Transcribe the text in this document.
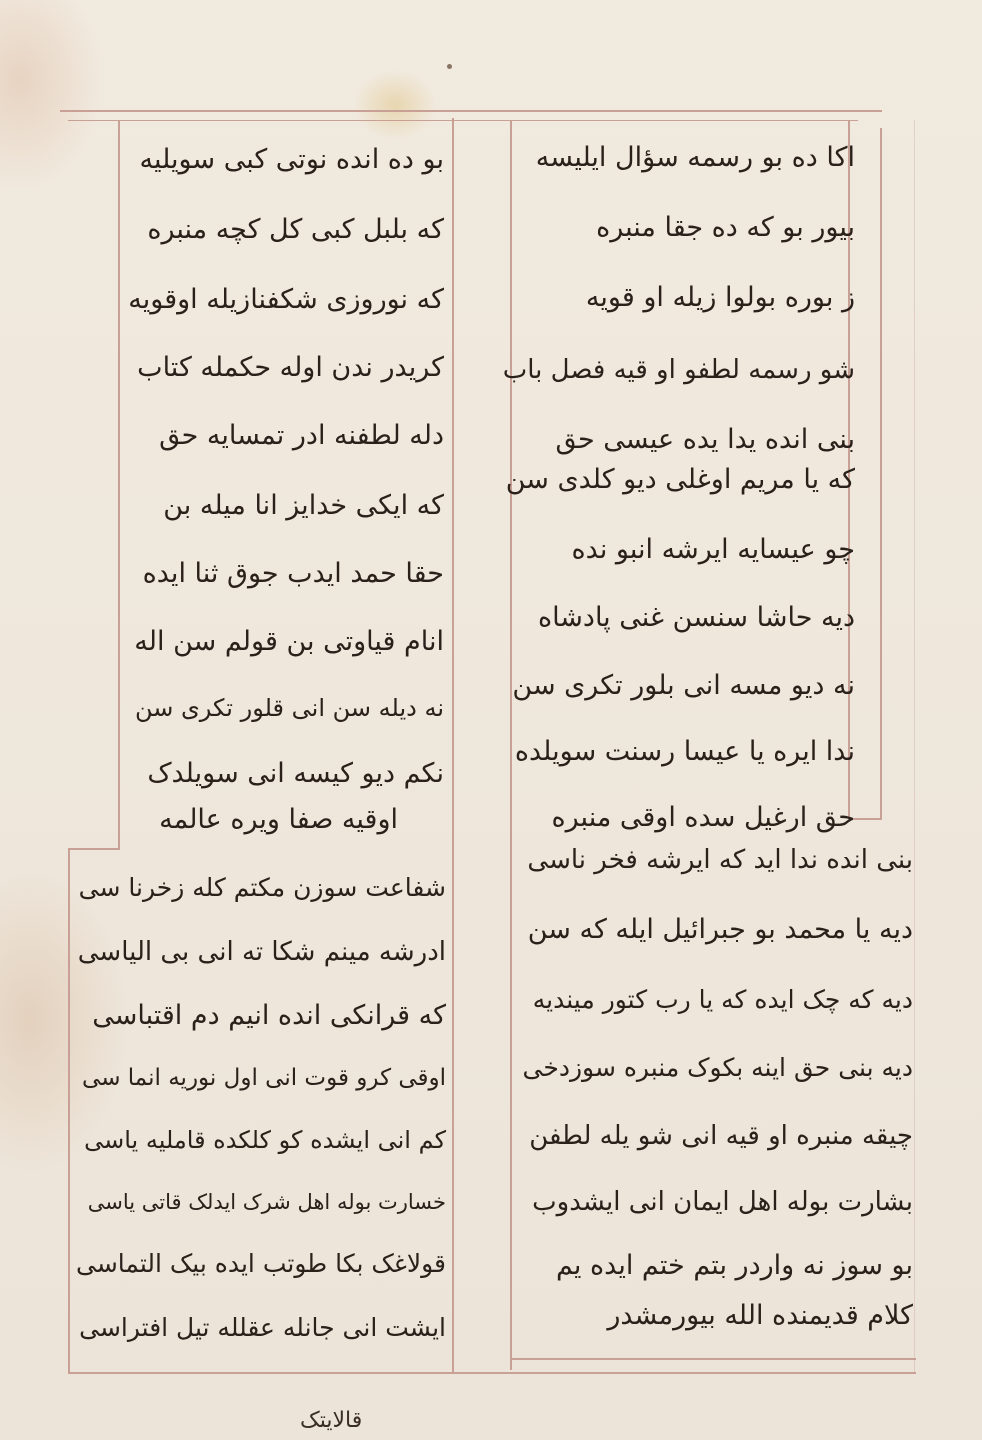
اکا ده بو رسمه سؤال ایلیسه
بیور بو که ده جقا منبره
ز بوره بولوا زیله او قویه
شو رسمه لطفو او قیه فصل باب
بنی انده یدا یده عیسی حق
که یا مریم اوغلی دیو کلدی سن
چو عیسایه ایرشه انبو نده
دیه حاشا سنسن غنی پادشاه
نه دیو مسه انی بلور تکری سن
ندا ایره یا عیسا رسنت سویلده
حق ارغیل سده اوقی منبره
بنی انده ندا اید که ایرشه فخر ناسی
دیه یا محمد بو جبرائیل ایله که سن
دیه که چک ایده که یا رب کتور میندیه
دیه بنی حق اینه بکوک منبره سوزدخی
چیقه منبره او قیه انی شو یله لطفن
بشارت بوله اهل ایمان انی ایشدوب
بو سوز نه واردر بتم ختم ایده یم
کلام قدیمنده الله بیورمشدر
بو ده انده نوتی کبی سویلیه
که بلبل کبی کل کچه منبره
که نوروزی شکفنازیله اوقویه
کریدر ندن اوله حکمله کتاب
دله لطفنه ادر تمسایه حق
که ایکی خدایز انا میله بن
حقا حمد ایدب جوق ثنا ایده
انام قیاوتی بن قولم سن اله
نه دیله سن انی قلور تکری سن
نکم دیو کیسه انی سویلدک
اوقیه صفا ویره عالمه
شفاعت سوزن مکتم کله زخرنا سی
ادرشه مینم شکا ته انی بی الیاسی
که قرانکی انده انیم دم اقتباسی
اوقی کرو قوت انی اول نوریه انما سی
کم انی ایشده کو کلکده قاملیه یاسی
خسارت بوله اهل شرک ایدلک قاتی یاسی
قولاغک بکا طوتب ایده بیک التماسی
ایشت انی جانله عقلله تیل افتراسی
قالایتک
